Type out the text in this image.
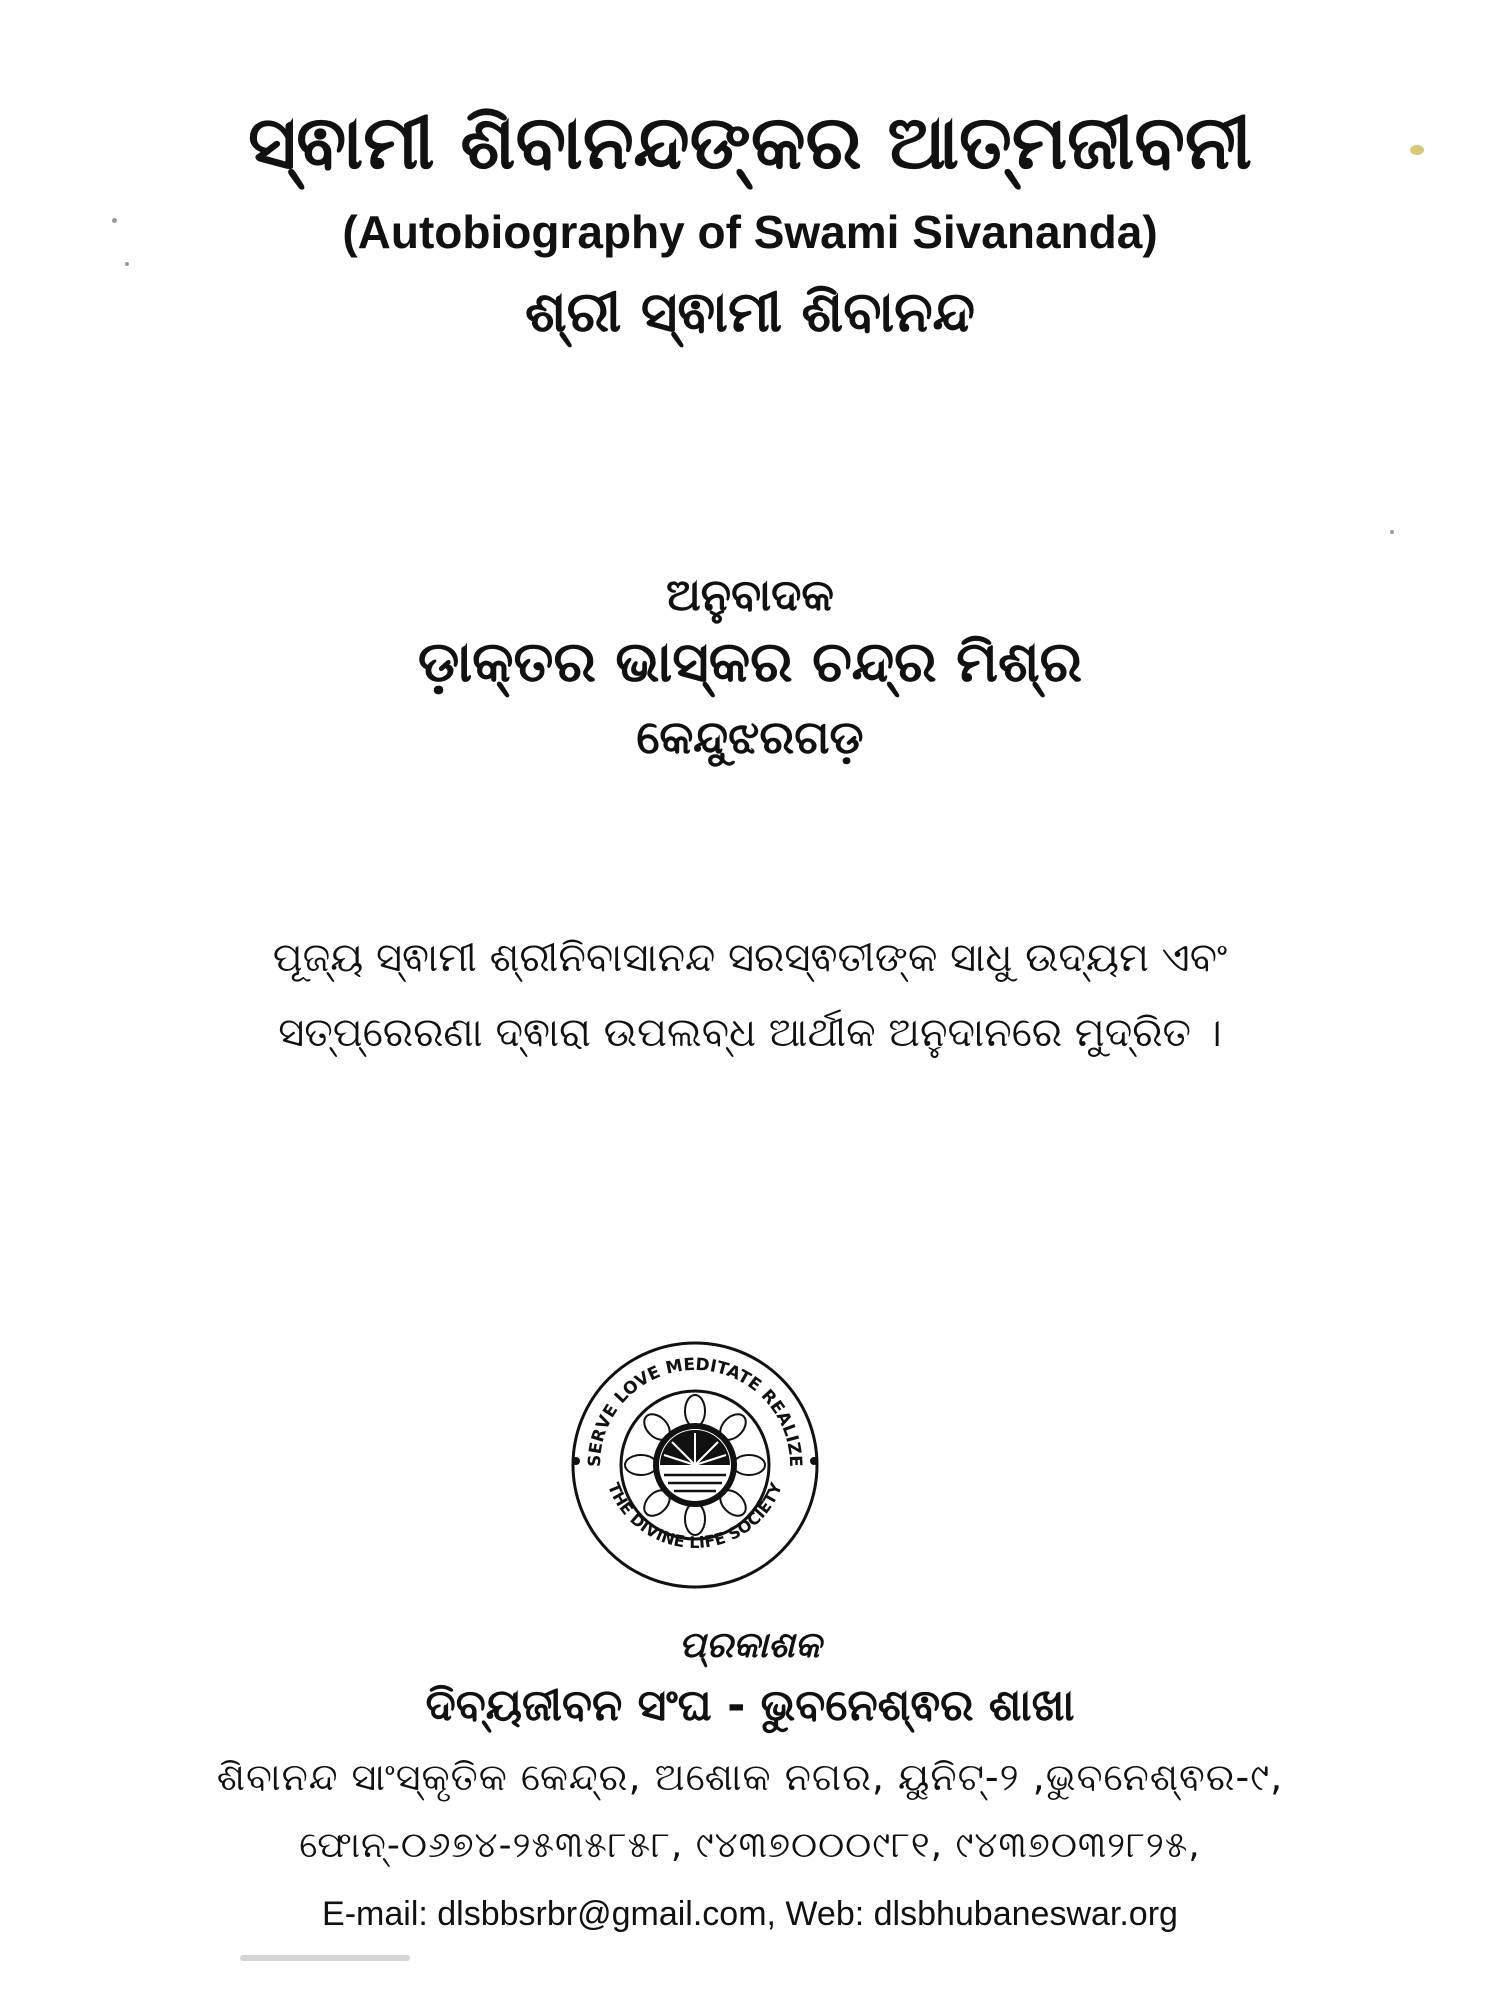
ସ୍ଵାମୀ ଶିବାନନ୍ଦଙ୍କର ଆତ୍ମଜୀବନୀ
(Autobiography of Swami Sivananda)
ଶ୍ରୀ ସ୍ଵାମୀ ଶିବାନନ୍ଦ
ଅନୁବାଦକ
ଡ଼ାକ୍ତର ଭାସ୍କର ଚନ୍ଦ୍ର ମିଶ୍ର
କେନ୍ଦୁଝରଗଡ଼
ପୂଜ୍ୟ ସ୍ଵାମୀ ଶ୍ରୀନିବାସାନନ୍ଦ ସରସ୍ଵତୀଙ୍କ ସାଧୁ ଉଦ୍ୟମ ଏବଂ
ସତ୍‌ପ୍ରେରଣା ଦ୍ଵାରା ଉପଲବ୍ଧ ଆର୍ଥୀକ ଅନୁଦାନରେ ମୁଦ୍ରିତ ।
SERVE LOVE MEDITATE REALIZE
THE DIVINE LIFE SOCIETY
ପ୍ରକାଶକ
ଦିବ୍ୟଜୀବନ ସଂଘ - ଭୁବନେଶ୍ଵର ଶାଖା
ଶିବାନନ୍ଦ ସାଂସ୍କୃତିକ କେନ୍ଦ୍ର, ଅଶୋକ ନଗର, ୟୁନିଟ୍‌-୨ ,ଭୁବନେଶ୍ଵର-୯,
ଫୋନ୍‌-୦୬୭୪-୨୫୩୫୮୫୮, ୯୪୩୭୦୦୦୯୮୧, ୯୪୩୭୦୩୨୮୨୫,
E-mail: dlsbbsrbr@gmail.com, Web: dlsbhubaneswar.org
